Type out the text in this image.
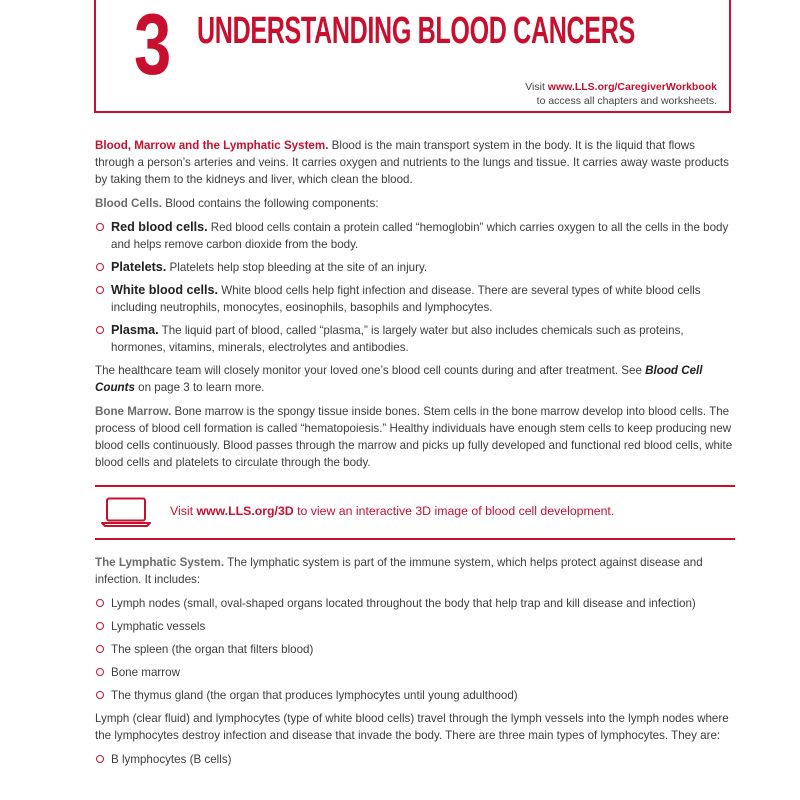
3 UNDERSTANDING BLOOD CANCERS
Visit www.LLS.org/CaregiverWorkbook
to access all chapters and worksheets.

Blood, Marrow and the Lymphatic System. Blood is the main transport system in the body. It is the liquid that flows through a person’s arteries and veins. It carries oxygen and nutrients to the lungs and tissue. It carries away waste products by taking them to the kidneys and liver, which clean the blood.

Blood Cells. Blood contains the following components:

Red blood cells. Red blood cells contain a protein called “hemoglobin” which carries oxygen to all the cells in the body and helps remove carbon dioxide from the body.
Platelets. Platelets help stop bleeding at the site of an injury.
White blood cells. White blood cells help fight infection and disease. There are several types of white blood cells including neutrophils, monocytes, eosinophils, basophils and lymphocytes.
Plasma. The liquid part of blood, called “plasma,” is largely water but also includes chemicals such as proteins, hormones, vitamins, minerals, electrolytes and antibodies.

The healthcare team will closely monitor your loved one’s blood cell counts during and after treatment. See Blood Cell Counts on page 3 to learn more.

Bone Marrow. Bone marrow is the spongy tissue inside bones. Stem cells in the bone marrow develop into blood cells. The process of blood cell formation is called “hematopoiesis.” Healthy individuals have enough stem cells to keep producing new blood cells continuously. Blood passes through the marrow and picks up fully developed and functional red blood cells, white blood cells and platelets to circulate through the body.

Visit www.LLS.org/3D to view an interactive 3D image of blood cell development.

The Lymphatic System. The lymphatic system is part of the immune system, which helps protect against disease and infection. It includes:

Lymph nodes (small, oval-shaped organs located throughout the body that help trap and kill disease and infection)
Lymphatic vessels
The spleen (the organ that filters blood)
Bone marrow
The thymus gland (the organ that produces lymphocytes until young adulthood)

Lymph (clear fluid) and lymphocytes (type of white blood cells) travel through the lymph vessels into the lymph nodes where the lymphocytes destroy infection and disease that invade the body. There are three main types of lymphocytes. They are:

B lymphocytes (B cells)
